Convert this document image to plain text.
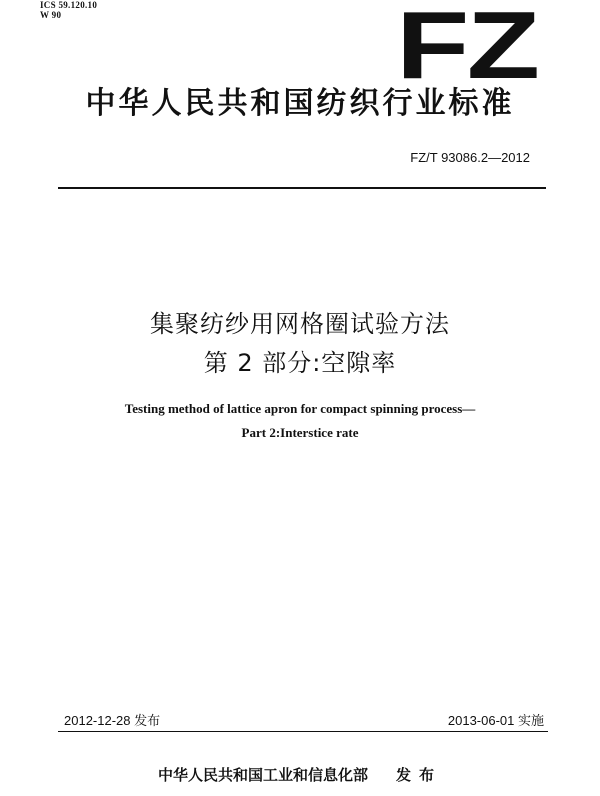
ICS 59.120.10
W 90	FZ
中华人民共和国纺织行业标准
FZ/T 93086.2—2012
集聚纺纱用网格圈试验方法
第 2 部分:空隙率
Testing method of lattice apron for compact spinning process—
Part 2:Interstice rate
2012-12-28 发布	2013-06-01 实施
中华人民共和国工业和信息化部 发布
